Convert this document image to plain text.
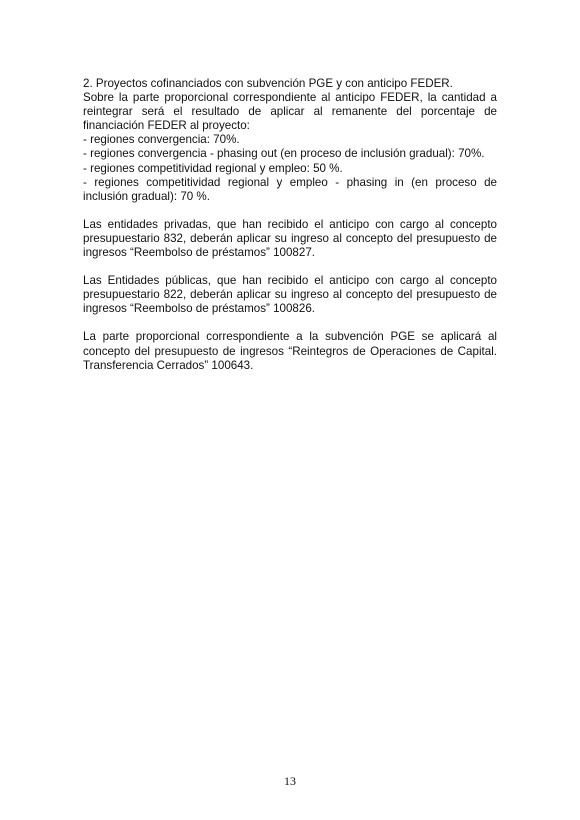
2. Proyectos cofinanciados con subvención PGE y con anticipo FEDER.

Sobre la parte proporcional correspondiente al anticipo FEDER, la cantidad a reintegrar será el resultado de aplicar al remanente del porcentaje de financiación FEDER al proyecto:

- regiones convergencia: 70%.

- regiones convergencia - phasing out (en proceso de inclusión gradual): 70%.

- regiones competitividad regional y empleo: 50 %.

- regiones competitividad regional y empleo - phasing in (en proceso de inclusión gradual): 70 %.

Las entidades privadas, que han recibido el anticipo con cargo al concepto presupuestario 832, deberán aplicar su ingreso al concepto del presupuesto de ingresos “Reembolso de préstamos” 100827.

Las Entidades públicas, que han recibido el anticipo con cargo al concepto presupuestario 822, deberán aplicar su ingreso al concepto del presupuesto de ingresos “Reembolso de préstamos” 100826.

La parte proporcional correspondiente a la subvención PGE se aplicará al concepto del presupuesto de ingresos “Reintegros de Operaciones de Capital. Transferencia Cerrados” 100643.

13
